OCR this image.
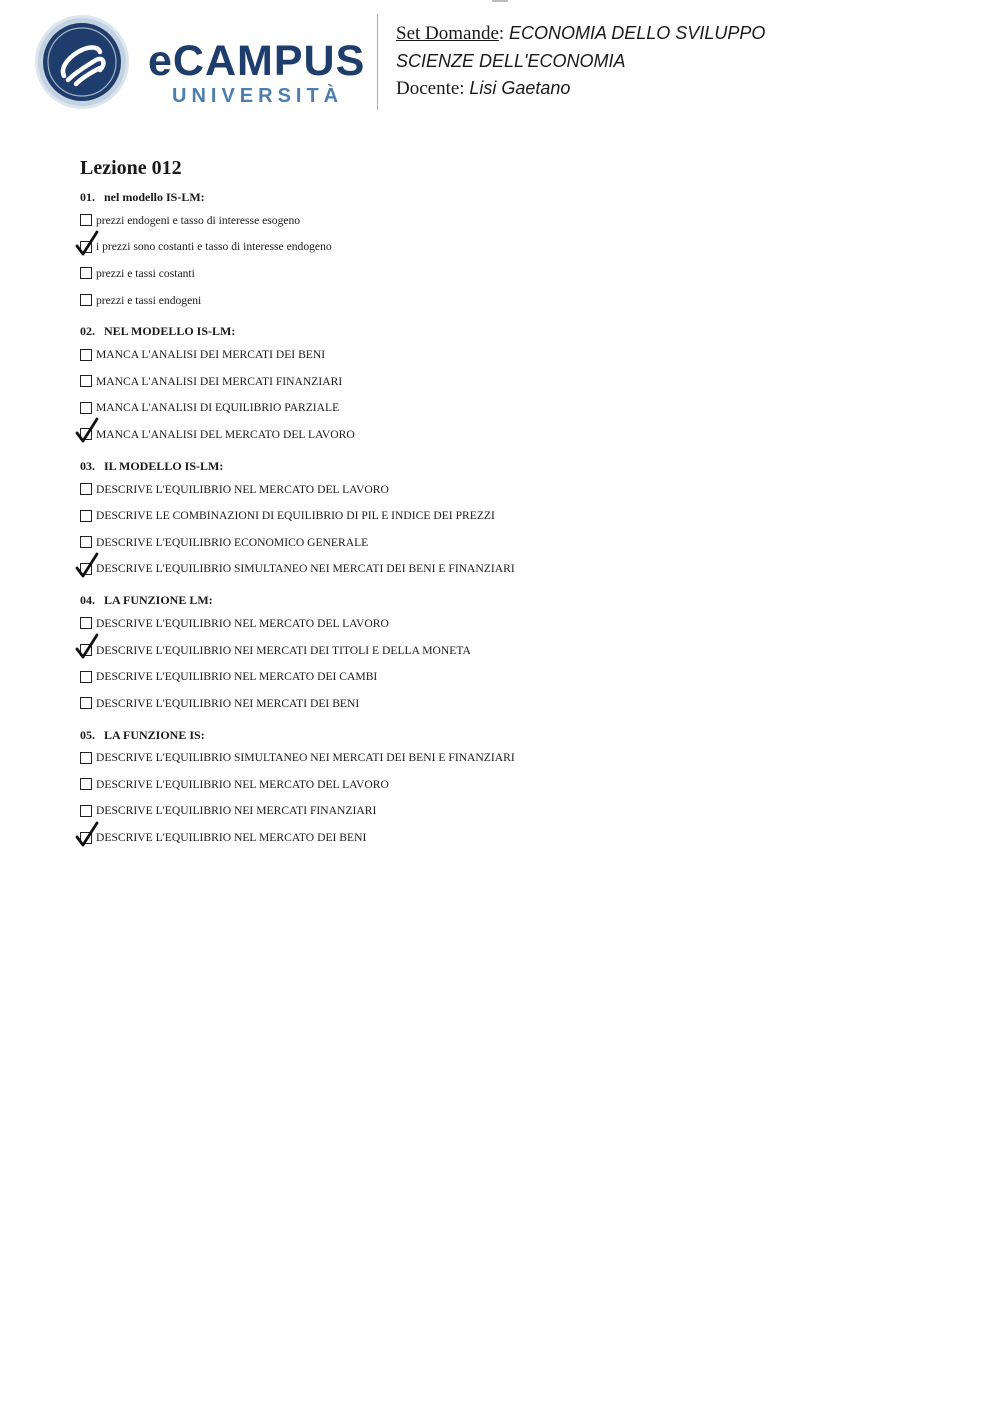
eCAMPUS
UNIVERSITÀ
Set Domande: ECONOMIA DELLO SVILUPPO
SCIENZE DELL'ECONOMIA
Docente: Lisi Gaetano
Lezione 012
01. nel modello IS-LM:
prezzi endogeni e tasso di interesse esogeno
i prezzi sono costanti e tasso di interesse endogeno
prezzi e tassi costanti
prezzi e tassi endogeni
02. NEL MODELLO IS-LM:
MANCA L'ANALISI DEI MERCATI DEI BENI
MANCA L'ANALISI DEI MERCATI FINANZIARI
MANCA L'ANALISI DI EQUILIBRIO PARZIALE
MANCA L'ANALISI DEL MERCATO DEL LAVORO
03. IL MODELLO IS-LM:
DESCRIVE L'EQUILIBRIO NEL MERCATO DEL LAVORO
DESCRIVE LE COMBINAZIONI DI EQUILIBRIO DI PIL E INDICE DEI PREZZI
DESCRIVE L'EQUILIBRIO ECONOMICO GENERALE
DESCRIVE L'EQUILIBRIO SIMULTANEO NEI MERCATI DEI BENI E FINANZIARI
04. LA FUNZIONE LM:
DESCRIVE L'EQUILIBRIO NEL MERCATO DEL LAVORO
DESCRIVE L'EQUILIBRIO NEI MERCATI DEI TITOLI E DELLA MONETA
DESCRIVE L'EQUILIBRIO NEL MERCATO DEI CAMBI
DESCRIVE L'EQUILIBRIO NEI MERCATI DEI BENI
05. LA FUNZIONE IS:
DESCRIVE L'EQUILIBRIO SIMULTANEO NEI MERCATI DEI BENI E FINANZIARI
DESCRIVE L'EQUILIBRIO NEL MERCATO DEL LAVORO
DESCRIVE L'EQUILIBRIO NEI MERCATI FINANZIARI
DESCRIVE L'EQUILIBRIO NEL MERCATO DEI BENI
